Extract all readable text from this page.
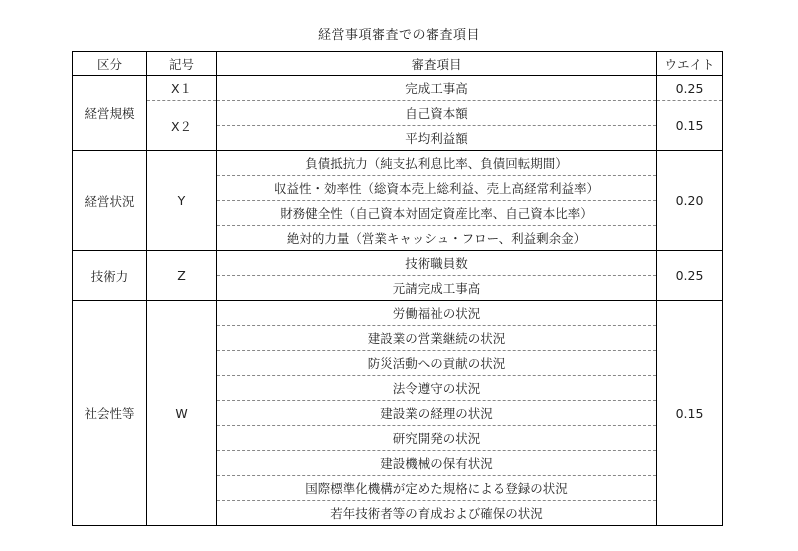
経営事項審査での審査項目
区分	記号	審査項目	ウエイト
経営規模	X１	完成工事高	0.25
	X２	自己資本額	0.15
		平均利益額	
経営状況	Y	負債抵抗力（純支払利息比率、負債回転期間）	0.20
		収益性・効率性（総資本売上総利益、売上高経常利益率）	
		財務健全性（自己資本対固定資産比率、自己資本比率）	
		絶対的力量（営業キャッシュ・フロー、利益剰余金）	
技術力	Z	技術職員数	0.25
		元請完成工事高	
社会性等	W	労働福祉の状況	0.15
		建設業の営業継続の状況	
		防災活動への貢献の状況	
		法令遵守の状況	
		建設業の経理の状況	
		研究開発の状況	
		建設機械の保有状況	
		国際標準化機構が定めた規格による登録の状況	
		若年技術者等の育成および確保の状況	
